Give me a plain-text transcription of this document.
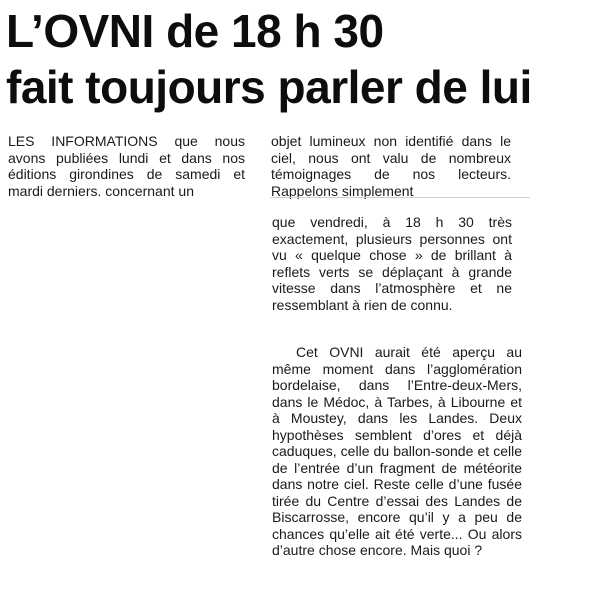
L’OVNI de 18 h 30
fait toujours parler de lui

LES INFORMATIONS que nous avons publiées lundi et dans nos éditions girondines de samedi et mardi derniers. concernant un

objet lumineux non identifié dans le ciel, nous ont valu de nombreux témoignages de nos lecteurs. Rappelons simplement

que vendredi, à 18 h 30 très exactement, plusieurs personnes ont vu « quelque chose » de brillant à reflets verts se déplaçant à grande vitesse dans l’atmosphère et ne ressemblant à rien de connu.

Cet OVNI aurait été aperçu au même moment dans l’agglomération bordelaise, dans l’Entre-deux-Mers, dans le Médoc, à Tarbes, à Libourne et à Moustey, dans les Landes. Deux hypothèses semblent d’ores et déjà caduques, celle du ballon-sonde et celle de l’entrée d’un fragment de météorite dans notre ciel. Reste celle d’une fusée tirée du Centre d’essai des Landes de Biscarrosse, encore qu’il y a peu de chances qu’elle ait été verte... Ou alors d’autre chose encore. Mais quoi ?
